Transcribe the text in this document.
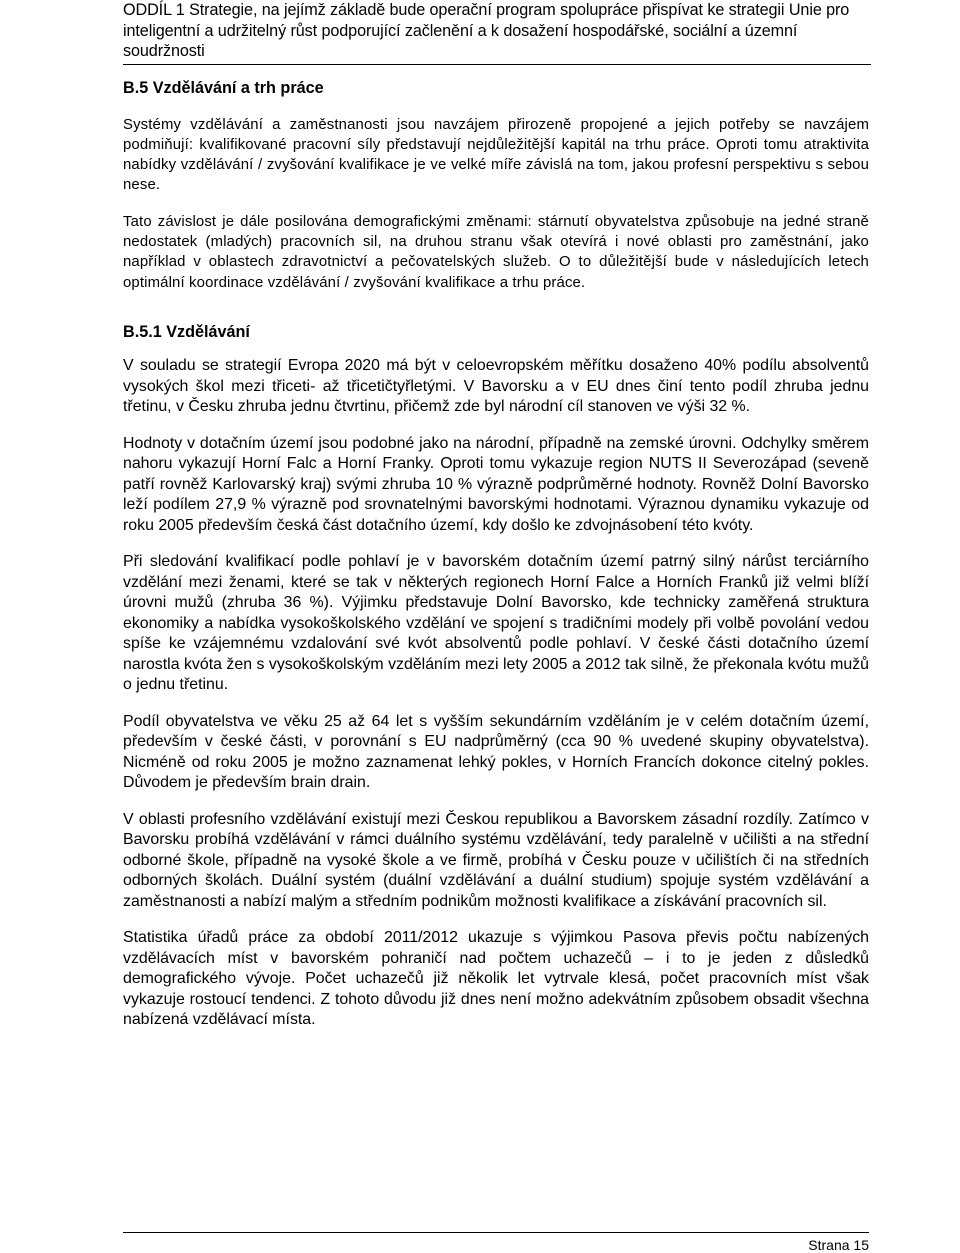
ODDÍL 1 Strategie, na jejímž základě bude operační program spolupráce přispívat ke strategii Unie pro inteligentní a udržitelný růst podporující začlenění a k dosažení hospodářské, sociální a územní soudržnosti
B.5 Vzdělávání a trh práce

Systémy vzdělávání a zaměstnanosti jsou navzájem přirozeně propojené a jejich potřeby se navzájem podmiňují: kvalifikované pracovní síly představují nejdůležitější kapitál na trhu práce. Oproti tomu atraktivita nabídky vzdělávání / zvyšování kvalifikace je ve velké míře závislá na tom, jakou profesní perspektivu s sebou nese.

Tato závislost je dále posilována demografickými změnami: stárnutí obyvatelstva způsobuje na jedné straně nedostatek (mladých) pracovních sil, na druhou stranu však otevírá i nové oblasti pro zaměstnání, jako například v oblastech zdravotnictví a pečovatelských služeb. O to důležitější bude v následujících letech optimální koordinace vzdělávání / zvyšování kvalifikace a trhu práce.

B.5.1 Vzdělávání

V souladu se strategií Evropa 2020 má být v celoevropském měřítku dosaženo 40% podílu absolventů vysokých škol mezi třiceti- až třicetičtyřletými. V Bavorsku a v EU dnes činí tento podíl zhruba jednu třetinu, v Česku zhruba jednu čtvrtinu, přičemž zde byl národní cíl stanoven ve výši 32 %.

Hodnoty v dotačním území jsou podobné jako na národní, případně na zemské úrovni. Odchylky směrem nahoru vykazují Horní Falc a Horní Franky. Oproti tomu vykazuje region NUTS II Severozápad (seveně patří rovněž Karlovarský kraj) svými zhruba 10 % výrazně podprůměrné hodnoty. Rovněž Dolní Bavorsko leží podílem 27,9 % výrazně pod srovnatelnými bavorskými hodnotami. Výraznou dynamiku vykazuje od roku 2005 především česká část dotačního území, kdy došlo ke zdvojnásobení této kvóty.

Při sledování kvalifikací podle pohlaví je v bavorském dotačním území patrný silný nárůst terciárního vzdělání mezi ženami, které se tak v některých regionech Horní Falce a Horních Franků již velmi blíží úrovni mužů (zhruba 36 %). Výjimku představuje Dolní Bavorsko, kde technicky zaměřená struktura ekonomiky a nabídka vysokoškolského vzdělání ve spojení s tradičními modely při volbě povolání vedou spíše ke vzájemnému vzdalování své kvót absolventů podle pohlaví. V české části dotačního území narostla kvóta žen s vysokoškolským vzděláním mezi lety 2005 a 2012 tak silně, že překonala kvótu mužů o jednu třetinu.

Podíl obyvatelstva ve věku 25 až 64 let s vyšším sekundárním vzděláním je v celém dotačním území, především v české části, v porovnání s EU nadprůměrný (cca 90 % uvedené skupiny obyvatelstva). Nicméně od roku 2005 je možno zaznamenat lehký pokles, v Horních Francích dokonce citelný pokles. Důvodem je především brain drain.

V oblasti profesního vzdělávání existují mezi Českou republikou a Bavorskem zásadní rozdíly. Zatímco v Bavorsku probíhá vzdělávání v rámci duálního systému vzdělávání, tedy paralelně v učilišti a na střední odborné škole, případně na vysoké škole a ve firmě, probíhá v Česku pouze v učilištích či na středních odborných školách. Duální systém (duální vzdělávání a duální studium) spojuje systém vzdělávání a zaměstnanosti a nabízí malým a středním podnikům možnosti kvalifikace a získávání pracovních sil.

Statistika úřadů práce za období 2011/2012 ukazuje s výjimkou Pasova převis počtu nabízených vzdělávacích míst v bavorském pohraničí nad počtem uchazečů – i to je jeden z důsledků demografického vývoje. Počet uchazečů již několik let vytrvale klesá, počet pracovních míst však vykazuje rostoucí tendenci. Z tohoto důvodu již dnes není možno adekvátním způsobem obsadit všechna nabízená vzdělávací místa.

Strana 15
